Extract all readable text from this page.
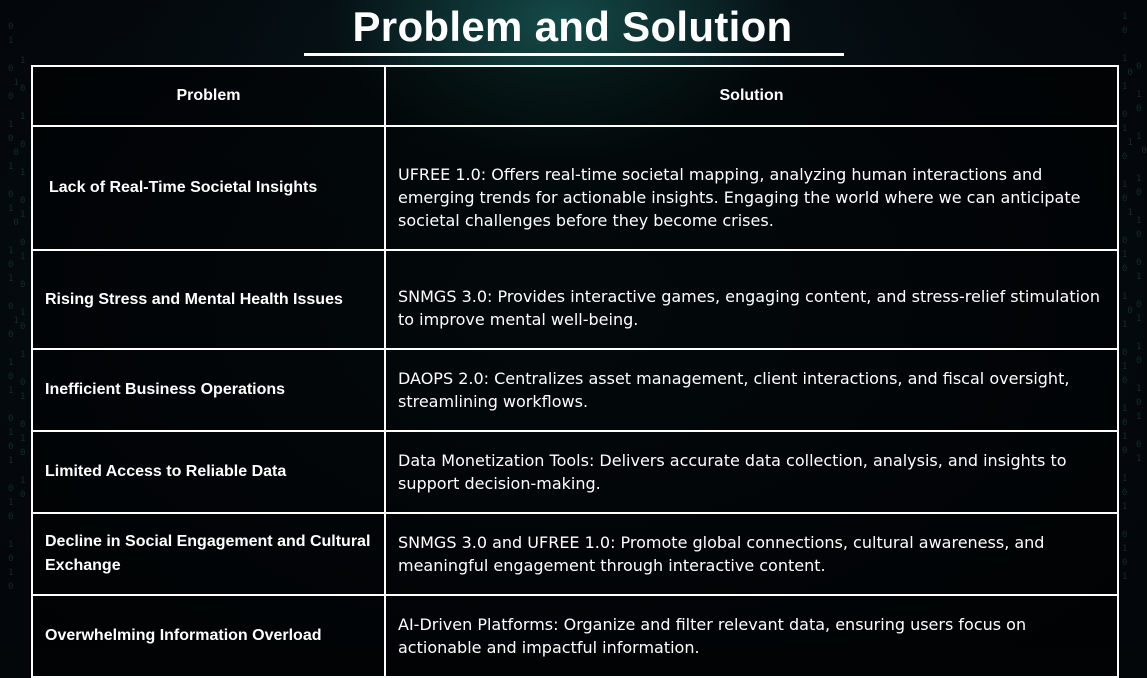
0
1

0
1
0

1
0
0
1

0
1
0

1
0
1

0
1
0

1
0
1

0
1
0
1

0
1
0

1
0
1
0
1
0

1
0
1

0
1
1
0

1
0
1

0
1
0

1
0
1

0
1
0

1
0
1
0

1
0
1

0
1
0
1
0

1
0

1
0

1
0

1
0

0
1

0
1

1
0

1
0
1

0
1

1

0

1

0

1

0
1

0
1

0

1
0

1

0
1

0
1
0

1
0
Problem and Solution
Problem	Solution
Lack of Real-Time Societal Insights	UFREE 1.0: Offers real-time societal mapping, analyzing human interactions and emerging trends for actionable insights. Engaging the world where we can anticipate societal challenges before they become crises.
Rising Stress and Mental Health Issues	SNMGS 3.0: Provides interactive games, engaging content, and stress-relief stimulation to improve mental well-being.
Inefficient Business Operations	DAOPS 2.0: Centralizes asset management, client interactions, and fiscal oversight, streamlining workflows.
Limited Access to Reliable Data	Data Monetization Tools: Delivers accurate data collection, analysis, and insights to support decision-making.
Decline in Social Engagement and Cultural Exchange	SNMGS 3.0 and UFREE 1.0: Promote global connections, cultural awareness, and meaningful engagement through interactive content.
Overwhelming Information Overload	AI-Driven Platforms: Organize and filter relevant data, ensuring users focus on actionable and impactful information.
